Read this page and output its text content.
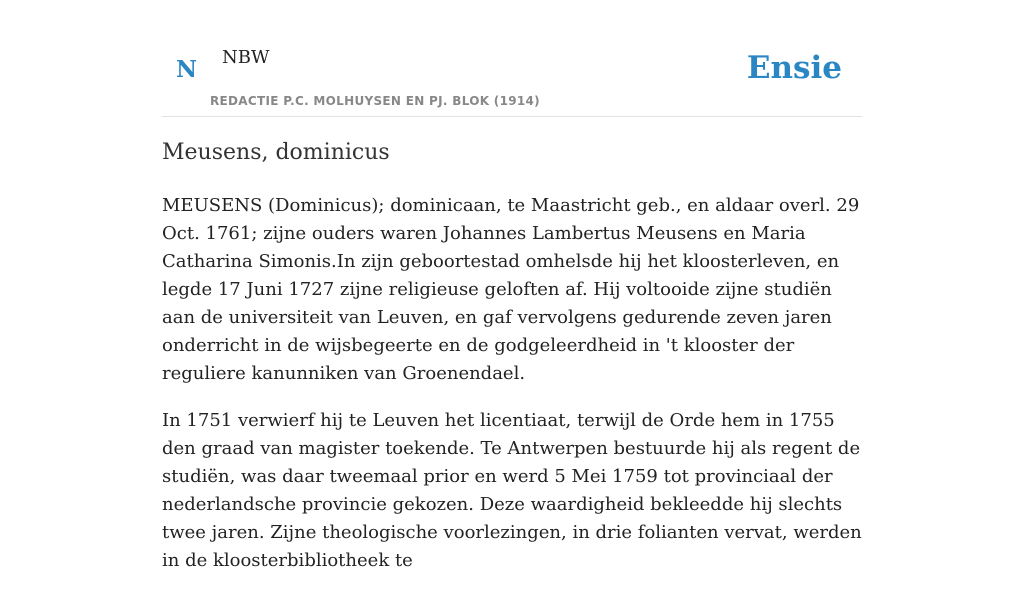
N NBW
REDACTIE P.C. MOLHUYSEN EN PJ. BLOK (1914)
Ensie
Meusens, dominicus

MEUSENS (Dominicus); dominicaan, te Maastricht geb., en aldaar overl. 29 Oct. 1761; zijne ouders waren Johannes Lambertus Meusens en Maria Catharina Simonis.In zijn geboortestad omhelsde hij het kloosterleven, en legde 17 Juni 1727 zijne religieuse geloften af. Hij voltooide zijne studiën aan de universiteit van Leuven, en gaf vervolgens gedurende zeven jaren onderricht in de wijsbegeerte en de godgeleerdheid in 't klooster der reguliere kanunniken van Groenendael.

In 1751 verwierf hij te Leuven het licentiaat, terwijl de Orde hem in 1755 den graad van magister toekende. Te Antwerpen bestuurde hij als regent de studiën, was daar tweemaal prior en werd 5 Mei 1759 tot provinciaal der nederlandsche provincie gekozen. Deze waardigheid bekleedde hij slechts twee jaren. Zijne theologische voorlezingen, in drie folianten vervat, werden in de kloosterbibliotheek te
